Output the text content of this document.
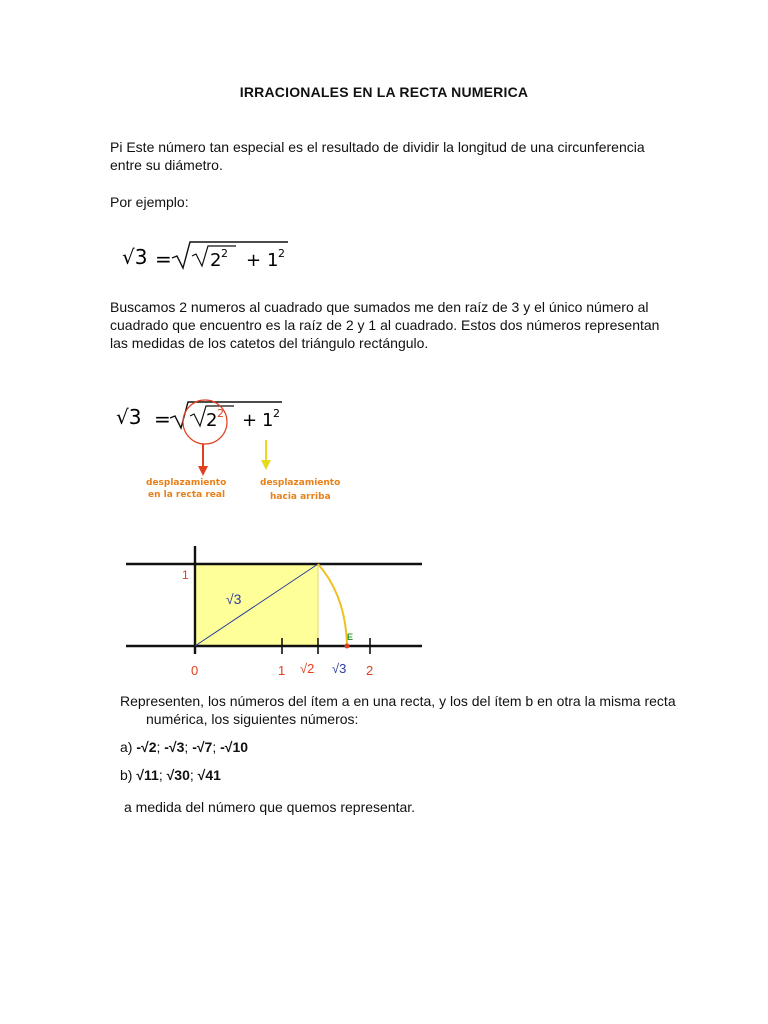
IRRACIONALES EN LA RECTA NUMERICA
Pi Este número tan especial es el resultado de dividir la longitud de una circunferencia entre su diámetro.
Por ejemplo:
√3 = 2 2 + 1 2
Buscamos 2 numeros al cuadrado que sumados me den raíz de 3 y el único número al cuadrado que encuentro es la raíz de 2 y 1 al cuadrado. Estos dos números representan las medidas de los catetos del triángulo rectángulo.
√3 = 2 2 + 1 2
desplazamiento
en la recta real
desplazamiento
hacia arriba
1
√3
E
0	1 √2 √3 2
Representen, los números del ítem a en una recta, y los del ítem b en otra la misma recta numérica, los siguientes números:
a) -√2; -√3; -√7; -√10
b) √11; √30; √41
a medida del número que quemos representar.
